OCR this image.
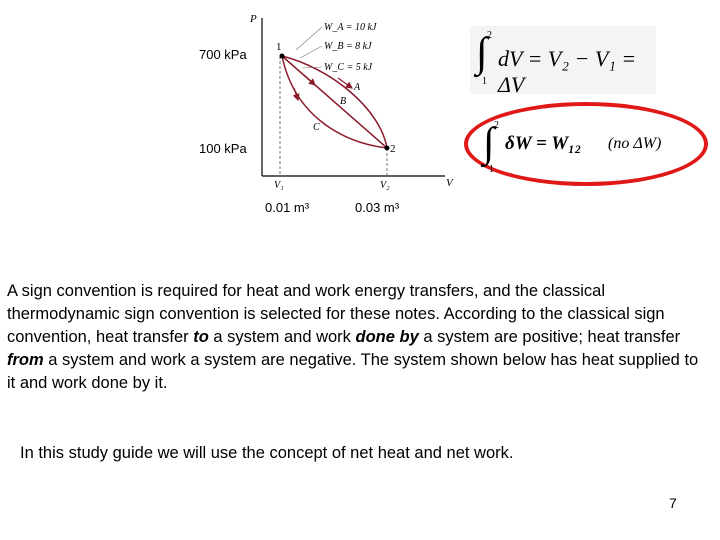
700 kPa
100 kPa
0.01 m³	0.03 m³
P
V
V₁	V₂
1
2
A
B
C
W_A = 10 kJ
W_B = 8 kJ
W_C = 5 kJ ∫ 2
1
dV = V₂ − V₁ = ΔV
∫ 2
1
δW = W₁₂ (no ΔW)
A sign convention is required for heat and work energy transfers, and the classical thermodynamic sign convention is selected for these notes. According to the classical sign convention, heat transfer to a system and work done by a system are positive; heat transfer from a system and work a system are negative. The system shown below has heat supplied to it and work done by it.
In this study guide we will use the concept of net heat and net work.
7
